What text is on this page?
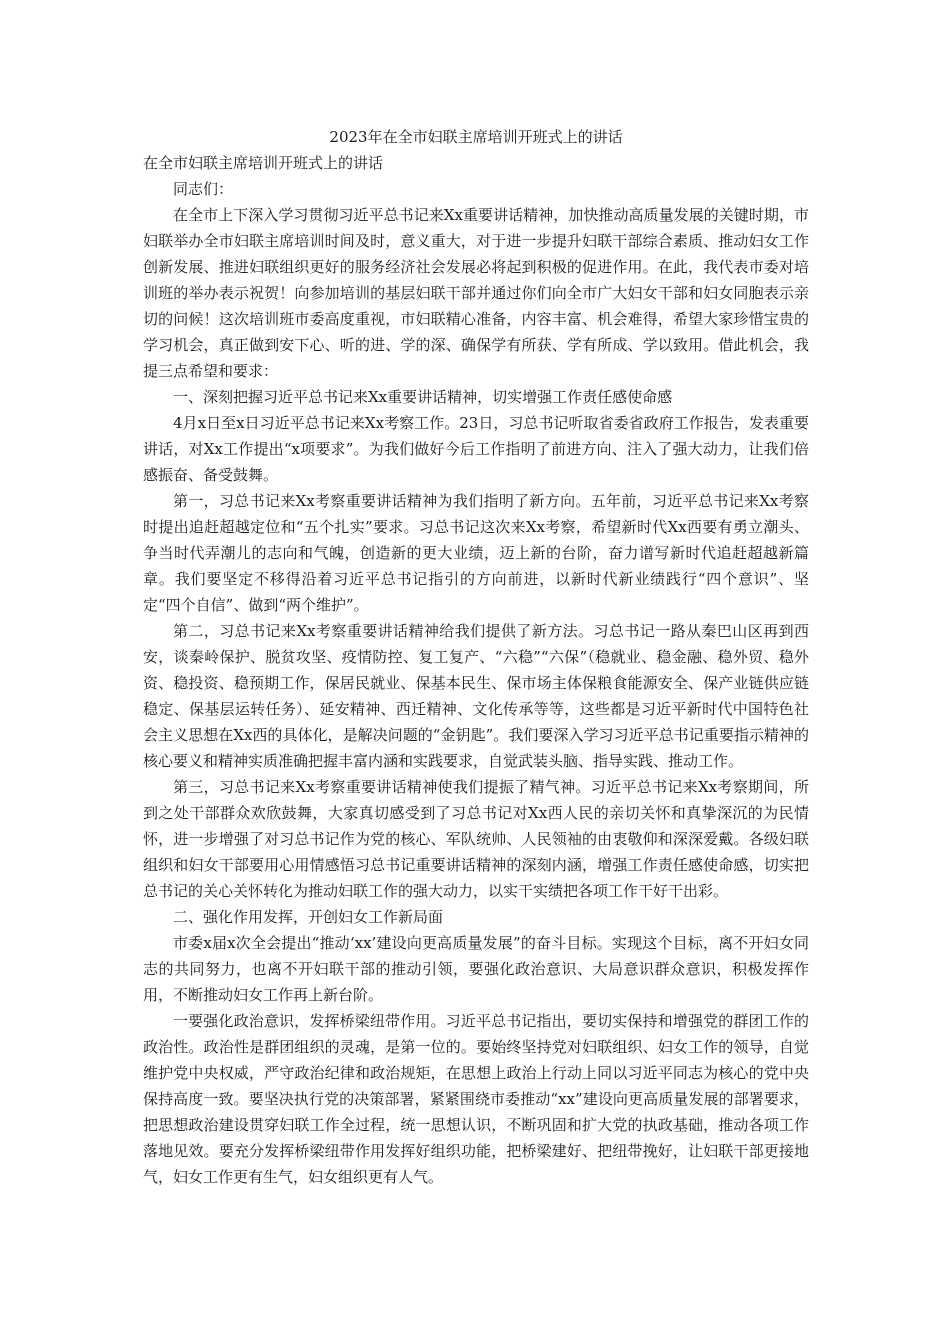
2023年在全市妇联主席培训开班式上的讲话

在全市妇联主席培训开班式上的讲话

同志们：

在全市上下深入学习贯彻习近平总书记来Xx重要讲话精神，加快推动高质量发展的关键时期，市妇联举办全市妇联主席培训时间及时，意义重大，对于进一步提升妇联干部综合素质、推动妇女工作创新发展、推进妇联组织更好的服务经济社会发展必将起到积极的促进作用。在此，我代表市委对培训班的举办表示祝贺！向参加培训的基层妇联干部并通过你们向全市广大妇女干部和妇女同胞表示亲切的问候！这次培训班市委高度重视，市妇联精心准备，内容丰富、机会难得，希望大家珍惜宝贵的学习机会，真正做到安下心、听的进、学的深、确保学有所获、学有所成、学以致用。借此机会，我提三点希望和要求：

一、深刻把握习近平总书记来Xx重要讲话精神，切实增强工作责任感使命感

4月x日至x日习近平总书记来Xx考察工作。23日，习总书记听取省委省政府工作报告，发表重要讲话，对Xx工作提出“x项要求”。为我们做好今后工作指明了前进方向、注入了强大动力，让我们倍感振奋、备受鼓舞。

第一，习总书记来Xx考察重要讲话精神为我们指明了新方向。五年前，习近平总书记来Xx考察时提出追赶超越定位和“五个扎实”要求。习总书记这次来Xx考察，希望新时代Xx西要有勇立潮头、争当时代弄潮儿的志向和气魄，创造新的更大业绩，迈上新的台阶，奋力谱写新时代追赶超越新篇章。我们要坚定不移得沿着习近平总书记指引的方向前进，以新时代新业绩践行“四个意识”、坚定“四个自信”、做到“两个维护”。

第二，习总书记来Xx考察重要讲话精神给我们提供了新方法。习总书记一路从秦巴山区再到西安，谈秦岭保护、脱贫攻坚、疫情防控、复工复产、“六稳”“六保”（稳就业、稳金融、稳外贸、稳外资、稳投资、稳预期工作，保居民就业、保基本民生、保市场主体保粮食能源安全、保产业链供应链稳定、保基层运转任务）、延安精神、西迁精神、文化传承等等，这些都是习近平新时代中国特色社会主义思想在Xx西的具体化，是解决问题的“金钥匙”。我们要深入学习习近平总书记重要指示精神的核心要义和精神实质准确把握丰富内涵和实践要求，自觉武装头脑、指导实践、推动工作。

第三，习总书记来Xx考察重要讲话精神使我们提振了精气神。习近平总书记来Xx考察期间，所到之处干部群众欢欣鼓舞，大家真切感受到了习总书记对Xx西人民的亲切关怀和真挚深沉的为民情怀，进一步增强了对习总书记作为党的核心、军队统帅、人民领袖的由衷敬仰和深深爱戴。各级妇联组织和妇女干部要用心用情感悟习总书记重要讲话精神的深刻内涵，增强工作责任感使命感，切实把总书记的关心关怀转化为推动妇联工作的强大动力，以实干实绩把各项工作干好干出彩。

二、强化作用发挥，开创妇女工作新局面

市委x届x次全会提出“推动‘xx’建设向更高质量发展”的奋斗目标。实现这个目标，离不开妇女同志的共同努力，也离不开妇联干部的推动引领，要强化政治意识、大局意识群众意识，积极发挥作用，不断推动妇女工作再上新台阶。

一要强化政治意识，发挥桥梁纽带作用。习近平总书记指出，要切实保持和增强党的群团工作的政治性。政治性是群团组织的灵魂，是第一位的。要始终坚持党对妇联组织、妇女工作的领导，自觉维护党中央权威，严守政治纪律和政治规矩，在思想上政治上行动上同以习近平同志为核心的党中央保持高度一致。要坚决执行党的决策部署，紧紧围绕市委推动“xx”建设向更高质量发展的部署要求，把思想政治建设贯穿妇联工作全过程，统一思想认识，不断巩固和扩大党的执政基础，推动各项工作落地见效。要充分发挥桥梁纽带作用发挥好组织功能，把桥梁建好、把纽带挽好，让妇联干部更接地气，妇女工作更有生气，妇女组织更有人气。
